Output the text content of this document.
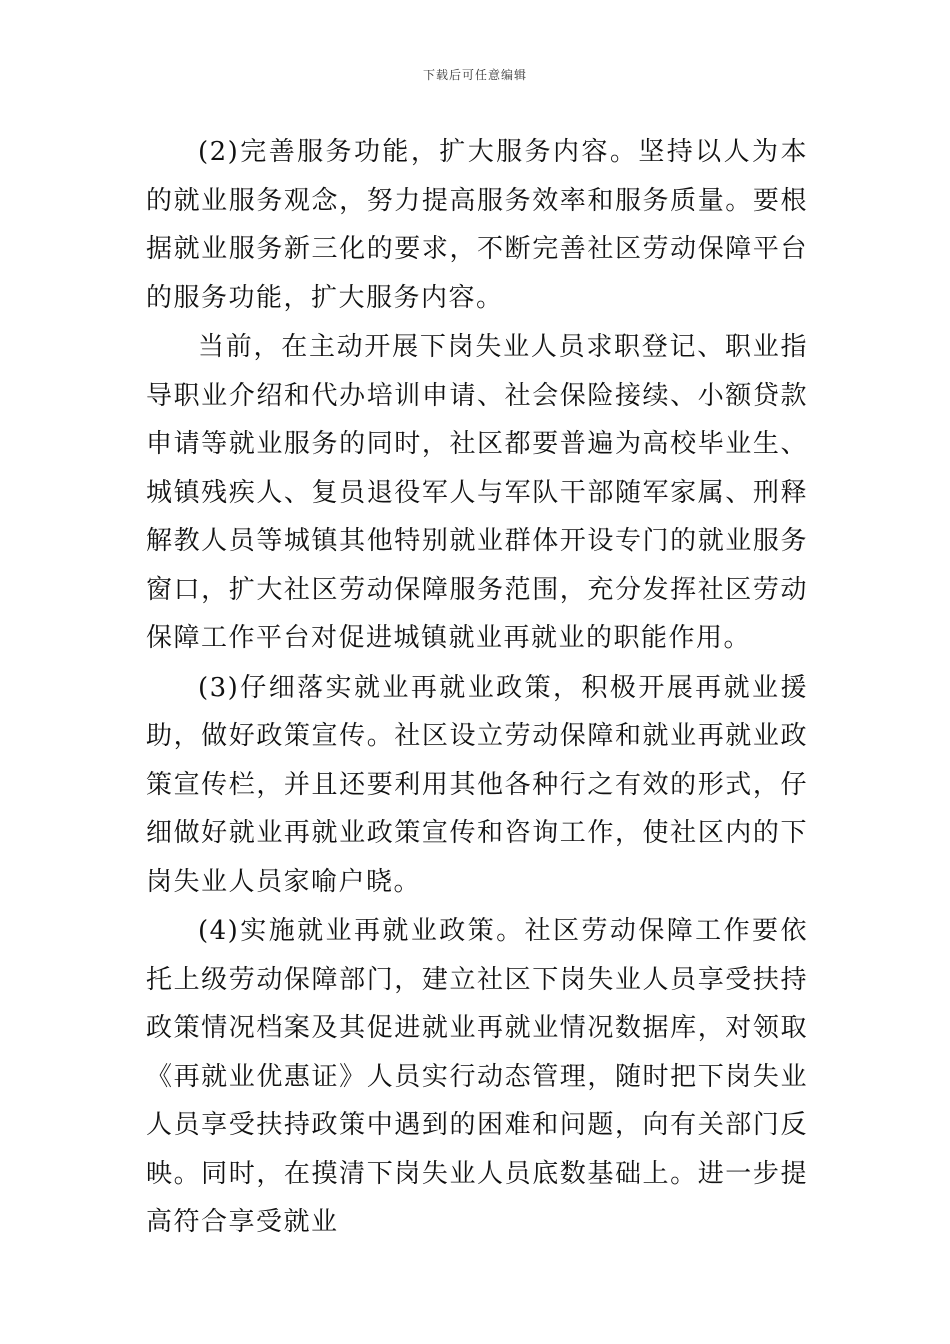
下载后可任意编辑

(2)完善服务功能，扩大服务内容。坚持以人为本的就业服务观念，努力提高服务效率和服务质量。要根据就业服务新三化的要求，不断完善社区劳动保障平台的服务功能，扩大服务内容。

当前，在主动开展下岗失业人员求职登记、职业指导职业介绍和代办培训申请、社会保险接续、小额贷款申请等就业服务的同时，社区都要普遍为高校毕业生、城镇残疾人、复员退役军人与军队干部随军家属、刑释解教人员等城镇其他特别就业群体开设专门的就业服务窗口，扩大社区劳动保障服务范围，充分发挥社区劳动保障工作平台对促进城镇就业再就业的职能作用。

(3)仔细落实就业再就业政策，积极开展再就业援助，做好政策宣传。社区设立劳动保障和就业再就业政策宣传栏，并且还要利用其他各种行之有效的形式，仔细做好就业再就业政策宣传和咨询工作，使社区内的下岗失业人员家喻户晓。

(4)实施就业再就业政策。社区劳动保障工作要依托上级劳动保障部门，建立社区下岗失业人员享受扶持政策情况档案及其促进就业再就业情况数据库，对领取《再就业优惠证》人员实行动态管理，随时把下岗失业人员享受扶持政策中遇到的困难和问题，向有关部门反映。同时，在摸清下岗失业人员底数基础上。进一步提高符合享受就业
